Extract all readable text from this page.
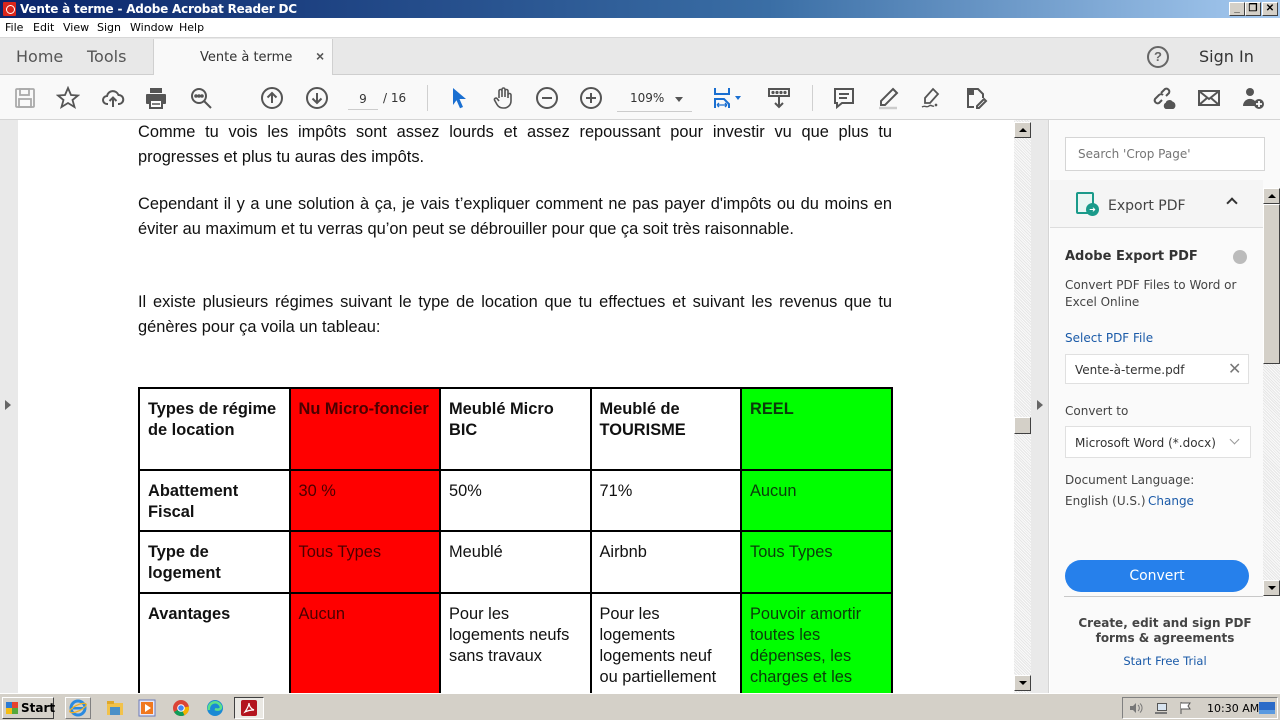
Vente à terme - Adobe Acrobat Reader DC	_ ❐ ✕
File Edit View Sign Window Help
Home Tools	Vente à terme ×	?	Sign In
9
/ 16	109%

Comme tu vois les impôts sont assez lourds et assez repoussant pour investir vu que plus tu progresses et plus tu auras des impôts.

Cependant il y a une solution à ça, je vais t’expliquer comment ne pas payer d'impôts ou du moins en éviter au maximum et tu verras qu’on peut se débrouiller pour que ça soit très raisonnable.

Il existe plusieurs régimes suivant le type de location que tu effectues et suivant les revenus que tu génères pour ça voila un tableau:

Types de régime de location	Nu Micro-foncier	Meublé Micro BIC	Meublé de TOURISME	REEL
Abattement Fiscal	30 %	50%	71%	Aucun
Type de logement	Tous Types	Meublé	Airbnb	Tous Types
Avantages	Aucun	Pour les logements neufs sans travaux	Pour les logements logements neuf ou partiellement	Pouvoir amortir toutes les dépenses, les charges et les
Search 'Crop Page'
➜
Export PDF
Adobe Export PDF
Convert PDF Files to Word or Excel Online
Select PDF File
Vente-à-terme.pdf	✕
Convert to
Microsoft Word (*.docx)
Document Language:
English (U.S.) Change
Convert
Create, edit and sign PDF
forms & agreements
Start Free Trial
Start	10:30 AM
